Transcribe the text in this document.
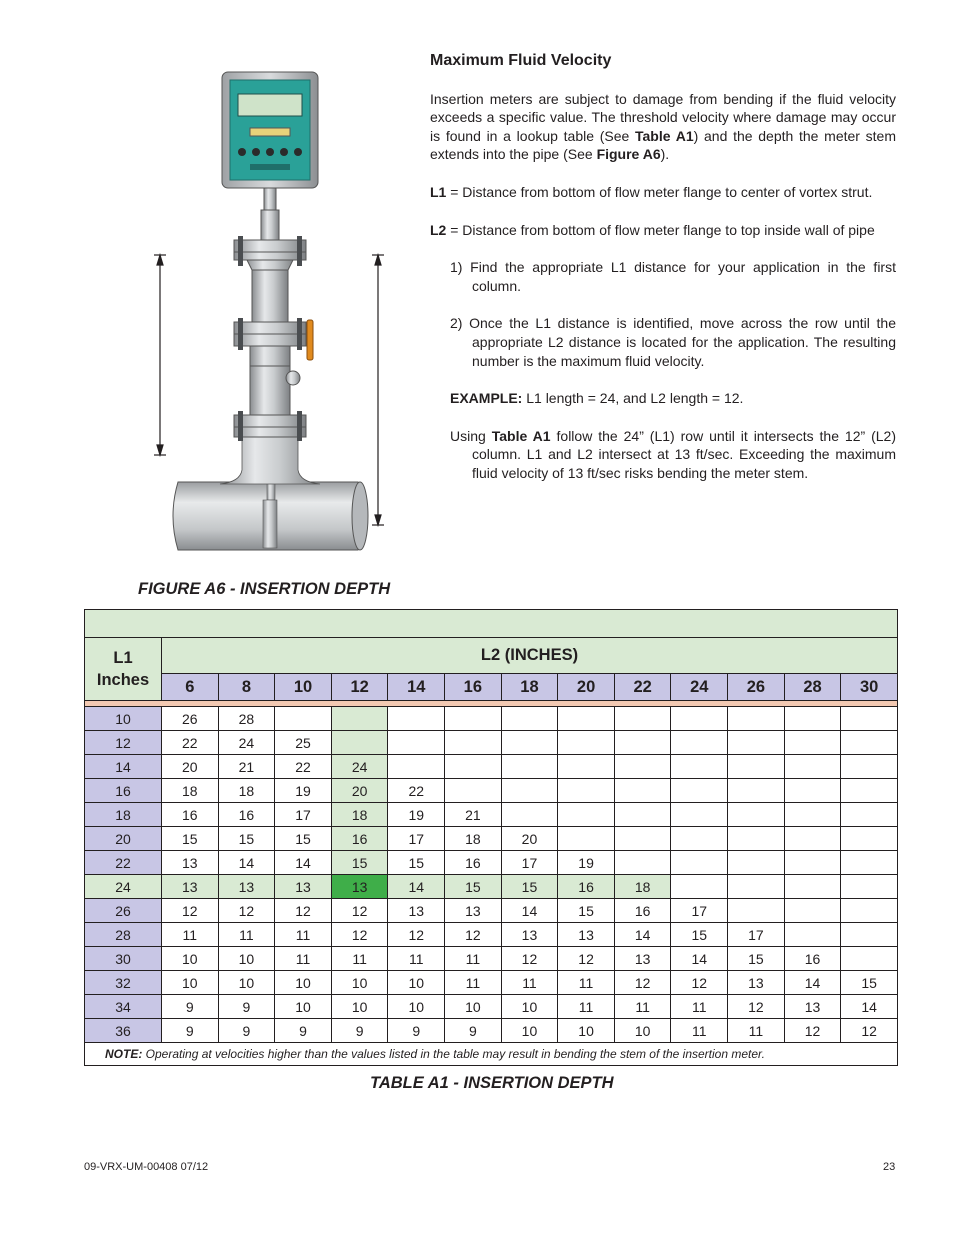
FIGURE A6 - INSERTION DEPTH
Maximum Fluid Velocity

Insertion meters are subject to damage from bending if the fluid velocity exceeds a specific value. The threshold velocity where damage may occur is found in a lookup table (See Table A1) and the depth the meter stem extends into the pipe (See Figure A6).

L1 = Distance from bottom of flow meter flange to center of vortex strut.

L2 = Distance from bottom of flow meter flange to top inside wall of pipe

1) Find the appropriate L1 distance for your application in the first column.

2) Once the L1 distance is identified, move across the row until the appropriate L2 distance is located for the application. The resulting number is the maximum fluid velocity.

EXAMPLE: L1 length = 24, and L2 length = 12.

Using Table A1 follow the 24” (L1) row until it intersects the 12” (L2) column. L1 and L2 intersect at 13 ft/sec. Exceeding the maximum fluid velocity of 13 ft/sec risks bending the meter stem.

L1
Inches	L2 (INCHES)												
	6	8	10	12	14	16	18	20	22	24	26	28	30

10	26	28											
12	22	24	25										
14	20	21	22	24									
16	18	18	19	20	22								
18	16	16	17	18	19	21							
20	15	15	15	16	17	18	20						
22	13	14	14	15	15	16	17	19					
24	13	13	13	13	14	15	15	16	18				
26	12	12	12	12	13	13	14	15	16	17			
28	11	11	11	12	12	12	13	13	14	15	17		
30	10	10	11	11	11	11	12	12	13	14	15	16	
32	10	10	10	10	10	11	11	11	12	12	13	14	15
34	9	9	10	10	10	10	10	11	11	11	12	13	14
36	9	9	9	9	9	9	10	10	10	11	11	12	12
NOTE: Operating at velocities higher than the values listed in the table may result in bending the stem of the insertion meter.													
TABLE A1 - INSERTION DEPTH
09-VRX-UM-00408 07/12	23
